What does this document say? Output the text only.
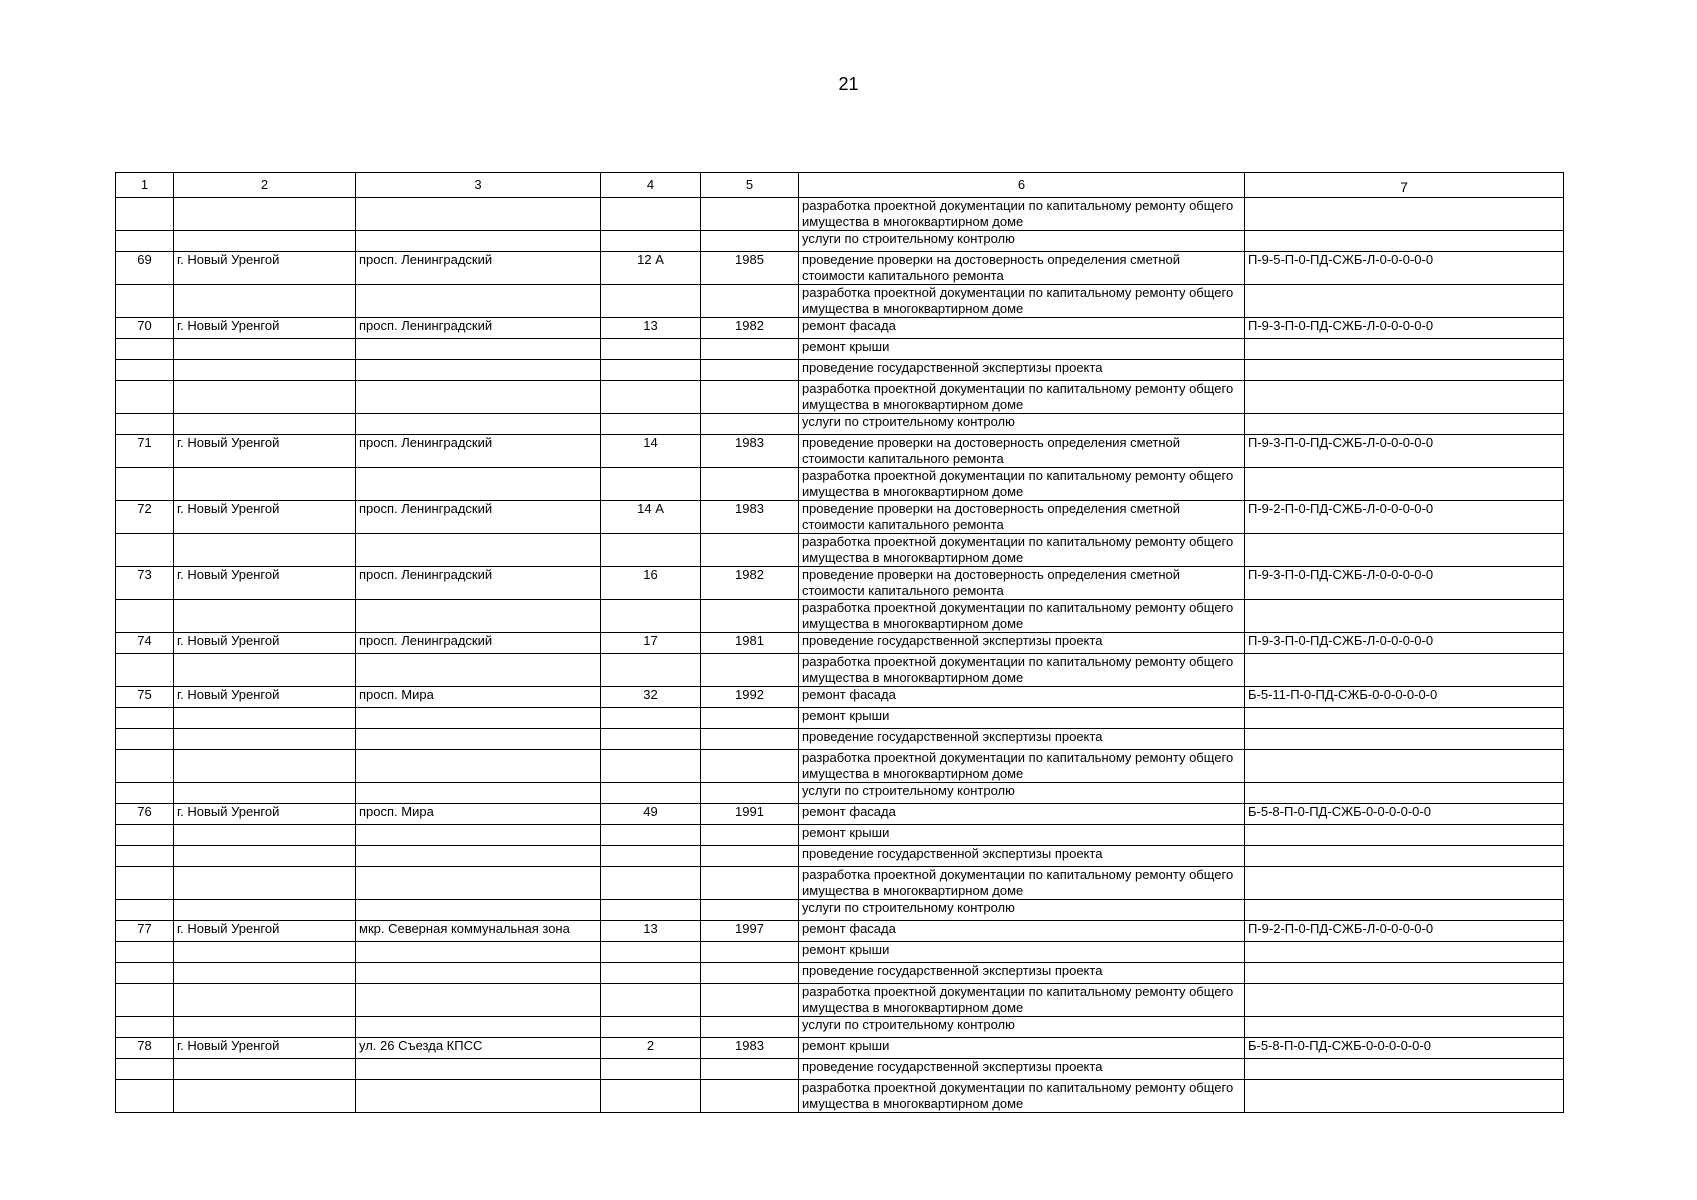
21
1	2	3	4	5	6	7
					разработка проектной документации по капитальному ремонту общего имущества в многоквартирном доме	
					услуги по строительному контролю	
69	г. Новый Уренгой	просп. Ленинградский	12 А	1985	проведение проверки на достоверность определения сметной стоимости капитального ремонта	П-9-5-П-0-ПД-СЖБ-Л-0-0-0-0-0
					разработка проектной документации по капитальному ремонту общего имущества в многоквартирном доме	
70	г. Новый Уренгой	просп. Ленинградский	13	1982	ремонт фасада	П-9-3-П-0-ПД-СЖБ-Л-0-0-0-0-0
					ремонт крыши	
					проведение государственной экспертизы проекта	
					разработка проектной документации по капитальному ремонту общего имущества в многоквартирном доме	
					услуги по строительному контролю	
71	г. Новый Уренгой	просп. Ленинградский	14	1983	проведение проверки на достоверность определения сметной стоимости капитального ремонта	П-9-3-П-0-ПД-СЖБ-Л-0-0-0-0-0
					разработка проектной документации по капитальному ремонту общего имущества в многоквартирном доме	
72	г. Новый Уренгой	просп. Ленинградский	14 А	1983	проведение проверки на достоверность определения сметной стоимости капитального ремонта	П-9-2-П-0-ПД-СЖБ-Л-0-0-0-0-0
					разработка проектной документации по капитальному ремонту общего имущества в многоквартирном доме	
73	г. Новый Уренгой	просп. Ленинградский	16	1982	проведение проверки на достоверность определения сметной стоимости капитального ремонта	П-9-3-П-0-ПД-СЖБ-Л-0-0-0-0-0
					разработка проектной документации по капитальному ремонту общего имущества в многоквартирном доме	
74	г. Новый Уренгой	просп. Ленинградский	17	1981	проведение государственной экспертизы проекта	П-9-3-П-0-ПД-СЖБ-Л-0-0-0-0-0
					разработка проектной документации по капитальному ремонту общего имущества в многоквартирном доме	
75	г. Новый Уренгой	просп. Мира	32	1992	ремонт фасада	Б-5-11-П-0-ПД-СЖБ-0-0-0-0-0-0
					ремонт крыши	
					проведение государственной экспертизы проекта	
					разработка проектной документации по капитальному ремонту общего имущества в многоквартирном доме	
					услуги по строительному контролю	
76	г. Новый Уренгой	просп. Мира	49	1991	ремонт фасада	Б-5-8-П-0-ПД-СЖБ-0-0-0-0-0-0
					ремонт крыши	
					проведение государственной экспертизы проекта	
					разработка проектной документации по капитальному ремонту общего имущества в многоквартирном доме	
					услуги по строительному контролю	
77	г. Новый Уренгой	мкр. Северная коммунальная зона	13	1997	ремонт фасада	П-9-2-П-0-ПД-СЖБ-Л-0-0-0-0-0
					ремонт крыши	
					проведение государственной экспертизы проекта	
					разработка проектной документации по капитальному ремонту общего имущества в многоквартирном доме	
					услуги по строительному контролю	
78	г. Новый Уренгой	ул. 26 Съезда КПСС	2	1983	ремонт крыши	Б-5-8-П-0-ПД-СЖБ-0-0-0-0-0-0
					проведение государственной экспертизы проекта	
					разработка проектной документации по капитальному ремонту общего имущества в многоквартирном доме	
